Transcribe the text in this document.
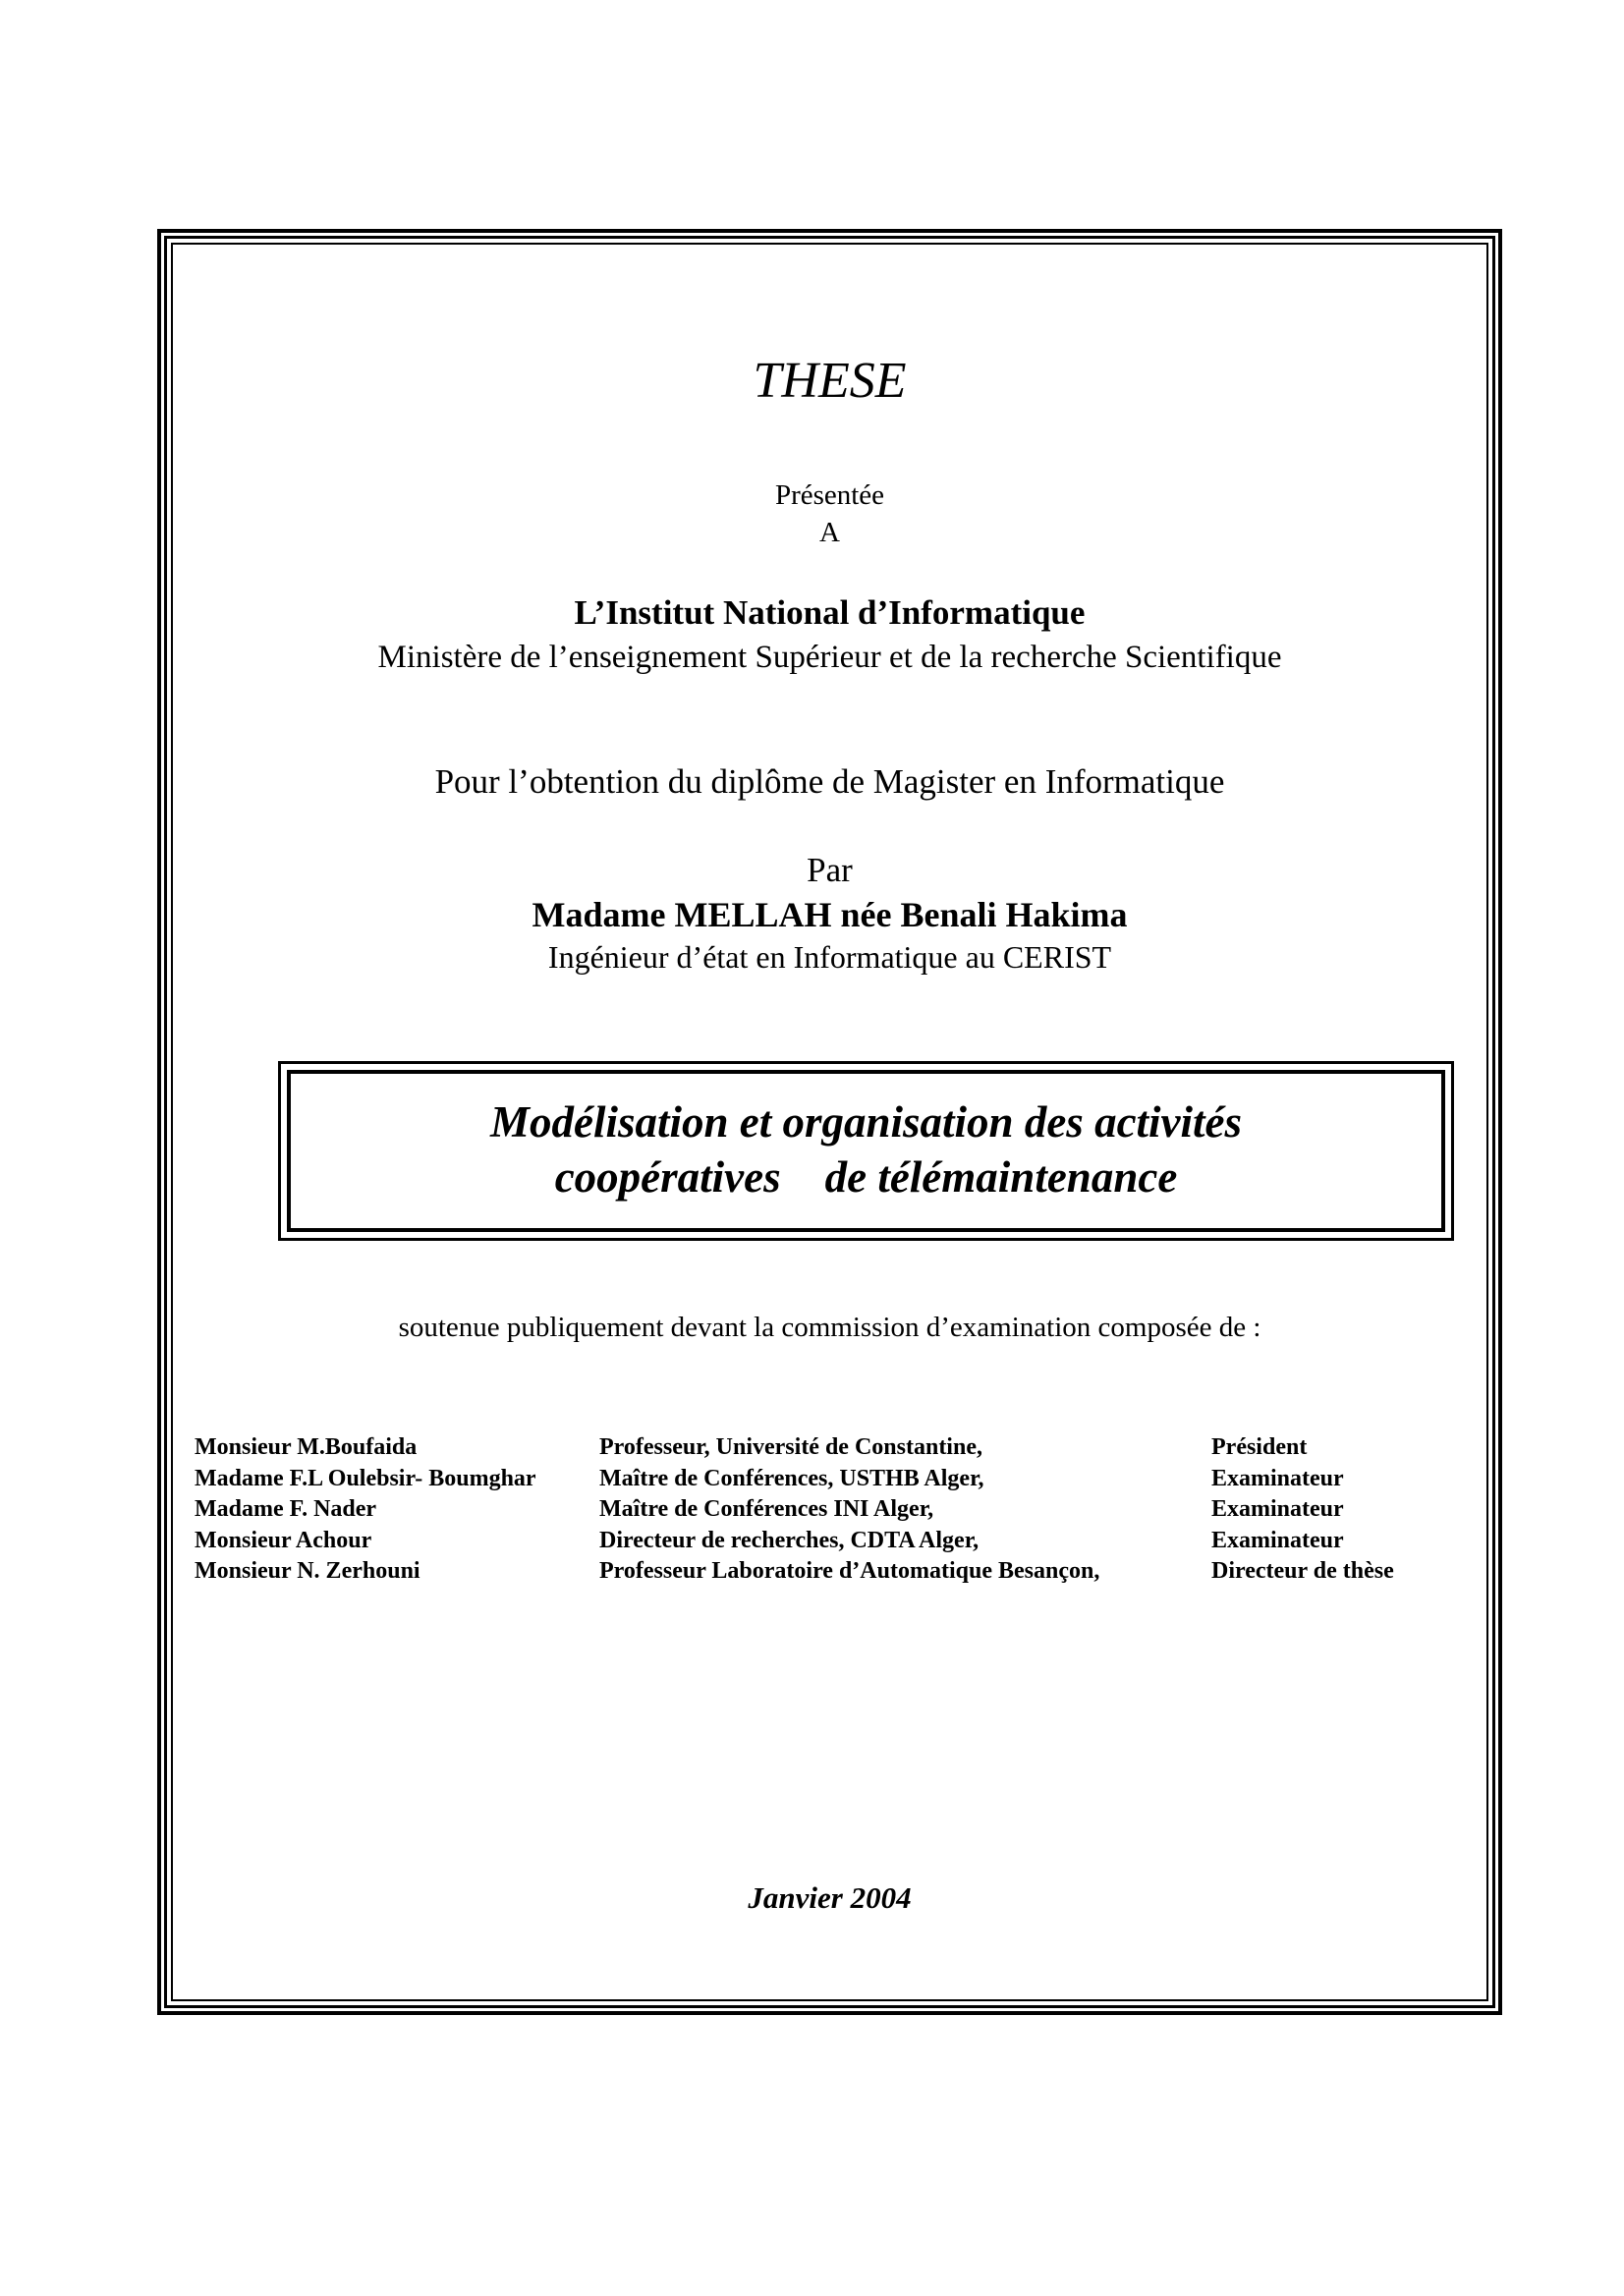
THESE
Présentée
A
L’Institut National d’Informatique
Ministère de l’enseignement Supérieur et de la recherche Scientifique
Pour l’obtention du diplôme de Magister en Informatique
Par
Madame MELLAH née Benali Hakima
Ingénieur d’état en Informatique au CERIST
Modélisation et organisation des activités
coopératives    de télémaintenance
soutenue publiquement devant la commission d’examination composée de :
Monsieur M.Boufaida	Professeur, Université de Constantine,	Président
Madame F.L Oulebsir- Boumghar	Maître de Conférences, USTHB Alger,	Examinateur
Madame F. Nader	Maître de Conférences INI Alger,	Examinateur
Monsieur Achour	Directeur de recherches, CDTA Alger,	Examinateur
Monsieur N. Zerhouni	Professeur Laboratoire d’Automatique Besançon,	Directeur de thèse
Janvier 2004
